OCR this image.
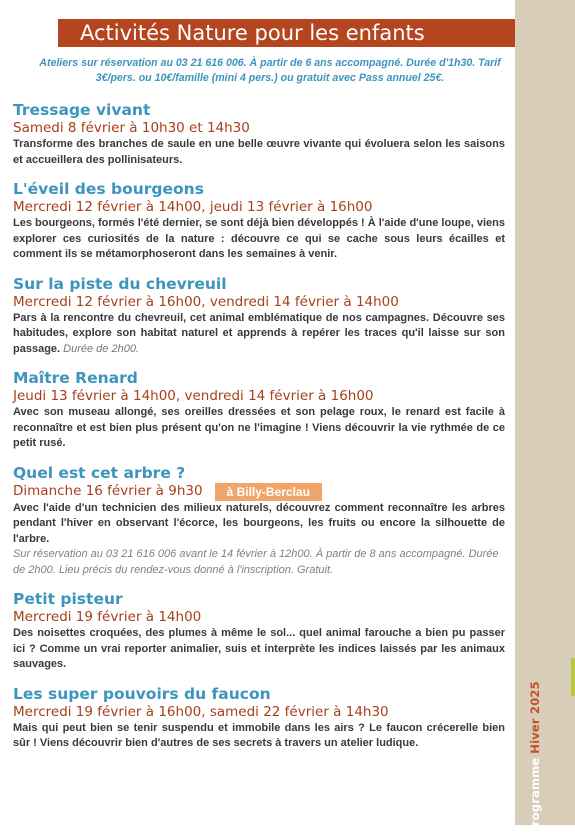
Programme Hiver 2025
Activités Nature pour les enfants
Ateliers sur réservation au 03 21 616 006. À partir de 6 ans accompagné. Durée d'1h30. Tarif 3€/pers. ou 10€/famille (mini 4 pers.) ou gratuit avec Pass annuel 25€.
Tressage vivant
Samedi 8 février à 10h30 et 14h30
Transforme des branches de saule en une belle œuvre vivante qui évoluera selon les saisons et accueillera des pollinisateurs.
L'éveil des bourgeons
Mercredi 12 février à 14h00, jeudi 13 février à 16h00
Les bourgeons, formés l'été dernier, se sont déjà bien développés ! À l'aide d'une loupe, viens explorer ces curiosités de la nature : découvre ce qui se cache sous leurs écailles et comment ils se métamorphoseront dans les semaines à venir.
Sur la piste du chevreuil
Mercredi 12 février à 16h00, vendredi 14 février à 14h00
Pars à la rencontre du chevreuil, cet animal emblématique de nos campagnes. Découvre ses habitudes, explore son habitat naturel et apprends à repérer les traces qu'il laisse sur son passage. Durée de 2h00.
Maître Renard
Jeudi 13 février à 14h00, vendredi 14 février à 16h00
Avec son museau allongé, ses oreilles dressées et son pelage roux, le renard est facile à reconnaître et est bien plus présent qu'on ne l'imagine ! Viens découvrir la vie rythmée de ce petit rusé.
Quel est cet arbre ?
Dimanche 16 février à 9h30 à Billy-Berclau
Avec l'aide d'un technicien des milieux naturels, découvrez comment reconnaître les arbres pendant l'hiver en observant l'écorce, les bourgeons, les fruits ou encore la silhouette de l'arbre.
Sur réservation au 03 21 616 006 avant le 14 février à 12h00. À partir de 8 ans accompagné. Durée de 2h00. Lieu précis du rendez-vous donné à l'inscription. Gratuit.
Petit pisteur
Mercredi 19 février à 14h00
Des noisettes croquées, des plumes à même le sol... quel animal farouche a bien pu passer ici ? Comme un vrai reporter animalier, suis et interprète les indices laissés par les animaux sauvages.
Les super pouvoirs du faucon
Mercredi 19 février à 16h00, samedi 22 février à 14h30
Mais qui peut bien se tenir suspendu et immobile dans les airs ? Le faucon crécerelle bien sûr ! Viens découvrir bien d'autres de ses secrets à travers un atelier ludique.
